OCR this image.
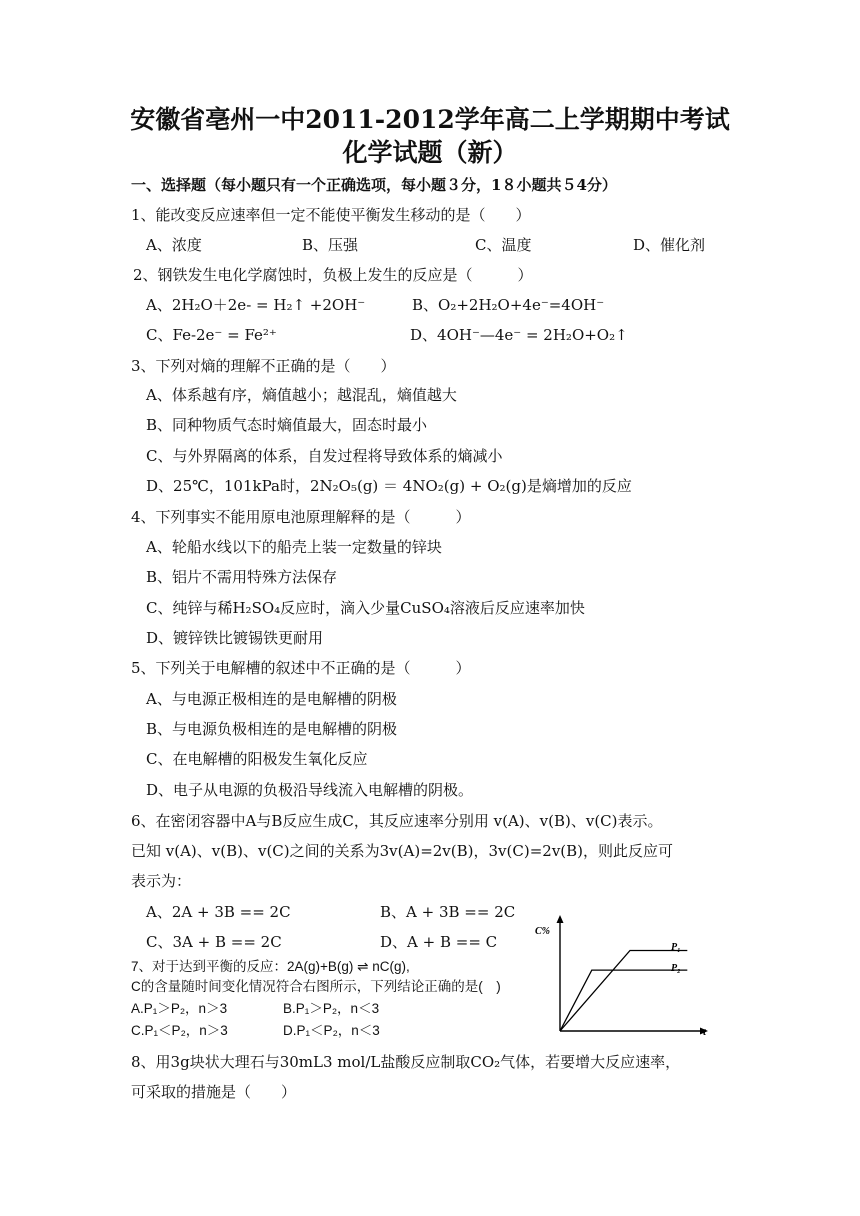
安徽省亳州一中2011-2012学年高二上学期期中考试
化学试题（新）
一、选择题（每小题只有一个正确选项，每小题３分，1８小题共５4分）
1、能改变反应速率但一定不能使平衡发生移动的是（　　）
A、浓度	B、压强	C、温度	D、催化剂
2、钢铁发生电化学腐蚀时，负极上发生的反应是（　　　）
A、2H₂O＋2e- = H₂↑ +2OH⁻	B、O₂+2H₂O+4e⁻=4OH⁻
C、Fe-2e⁻ = Fe²⁺	D、4OH⁻—4e⁻ = 2H₂O+O₂↑
3、下列对熵的理解不正确的是（　　）
A、体系越有序，熵值越小；越混乱，熵值越大
B、同种物质气态时熵值最大，固态时最小
C、与外界隔离的体系，自发过程将导致体系的熵减小
D、25℃，101kPa时，2N₂O₅(g) ＝ 4NO₂(g) + O₂(g)是熵增加的反应
4、下列事实不能用原电池原理解释的是（　　　）
A、轮船水线以下的船壳上装一定数量的锌块
B、铝片不需用特殊方法保存
C、纯锌与稀H₂SO₄反应时，滴入少量CuSO₄溶液后反应速率加快
D、镀锌铁比镀锡铁更耐用
5、下列关于电解槽的叙述中不正确的是（　　　）
A、与电源正极相连的是电解槽的阴极
B、与电源负极相连的是电解槽的阴极
C、在电解槽的阳极发生氧化反应
D、电子从电源的负极沿导线流入电解槽的阴极。
6、在密闭容器中A与B反应生成C，其反应速率分别用 v(A)、v(B)、v(C)表示。
已知 v(A)、v(B)、v(C)之间的关系为3v(A)=2v(B)，3v(C)=2v(B)，则此反应可
表示为：
A、2A + 3B == 2C	B、A + 3B == 2C
C、3A + B == 2C	D、A + B == C
7、对于达到平衡的反应：2A(g)+B(g) ⇌ nC(g),
C的含量随时间变化情况符合右图所示，下列结论正确的是(　)
A.P₁＞P₂，n＞3	B.P₁＞P₂，n＜3
C.P₁＜P₂，n＞3	D.P₁＜P₂，n＜3
C%
t
P₁
P₂
8、用3g块状大理石与30mL3 mol/L盐酸反应制取CO₂气体，若要增大反应速率，
可采取的措施是（　　）
